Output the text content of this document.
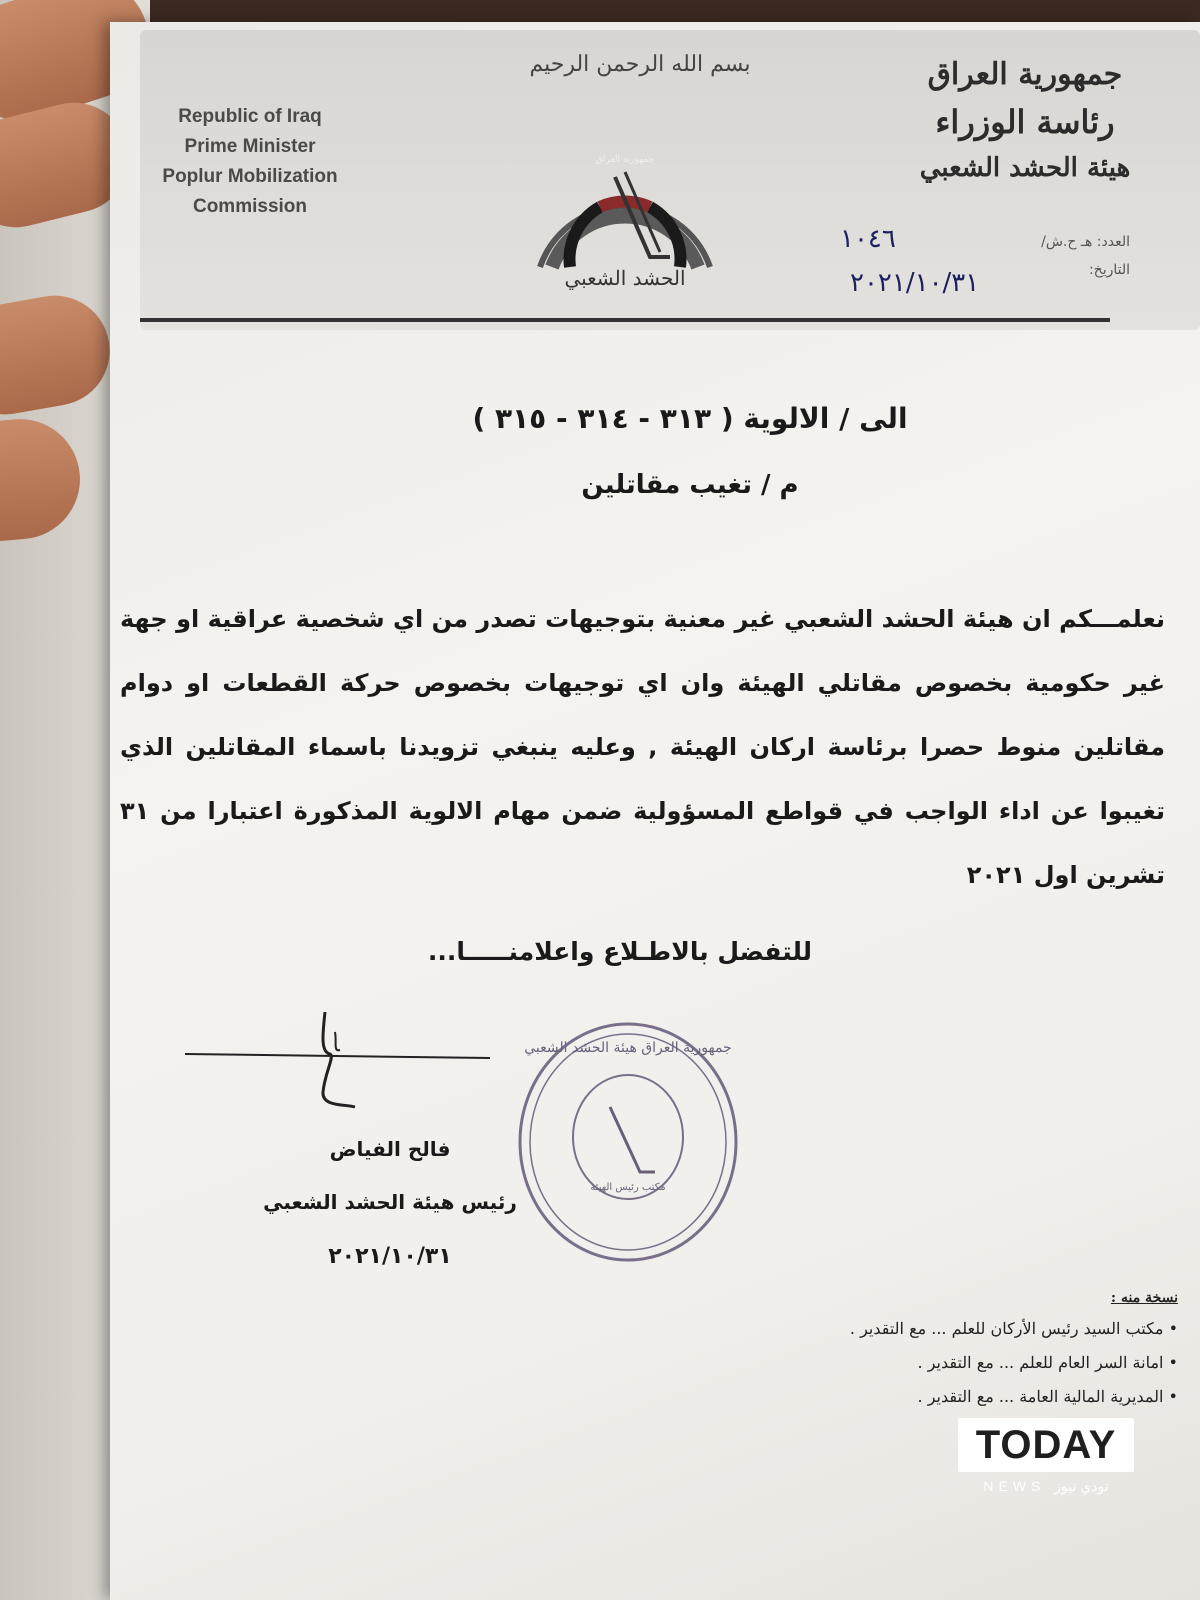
بسم الله الرحمن الرحيم
Republic of Iraq
Prime Minister
Poplur Mobilization
Commission
الحشد الشعبي
جمهورية العراق
جمهورية العراق
رئاسة الوزراء
هيئة الحشد الشعبي
العدد: هـ ح.ش/
١٠٤٦
التاريخ:
٢٠٢١/١٠/٣١
الى / الالوية ( ٣١٣ - ٣١٤ - ٣١٥ )
م / تغيب مقاتلين
نعلمـــكم ان هيئة الحشد الشعبي غير معنية بتوجيهات تصدر من اي شخصية عراقية او جهة غير حكومية بخصوص مقاتلي الهيئة وان اي توجيهات بخصوص حركة القطعات او دوام مقاتلين منوط حصرا برئاسة اركان الهيئة , وعليه ينبغي تزويدنا باسماء المقاتلين الذي تغيبوا عن اداء الواجب في قواطع المسؤولية ضمن مهام الالوية المذكورة اعتبارا من ٣١ تشرين اول ٢٠٢١
للتفضل بالاطـلاع واعلامنـــــا...
فالح الفياض
رئيس هيئة الحشد الشعبي
٢٠٢١/١٠/٣١
جمهورية العراق هيئة الحشد الشعبي
مكتب رئيس الهيئة
نسخة منه :
• مكتب السيد رئيس الأركان للعلم ... مع التقدير .
• امانة السر العام للعلم ... مع التقدير .
• المديرية المالية العامة ... مع التقدير .
TODAY
NEWS تودي نيوز
